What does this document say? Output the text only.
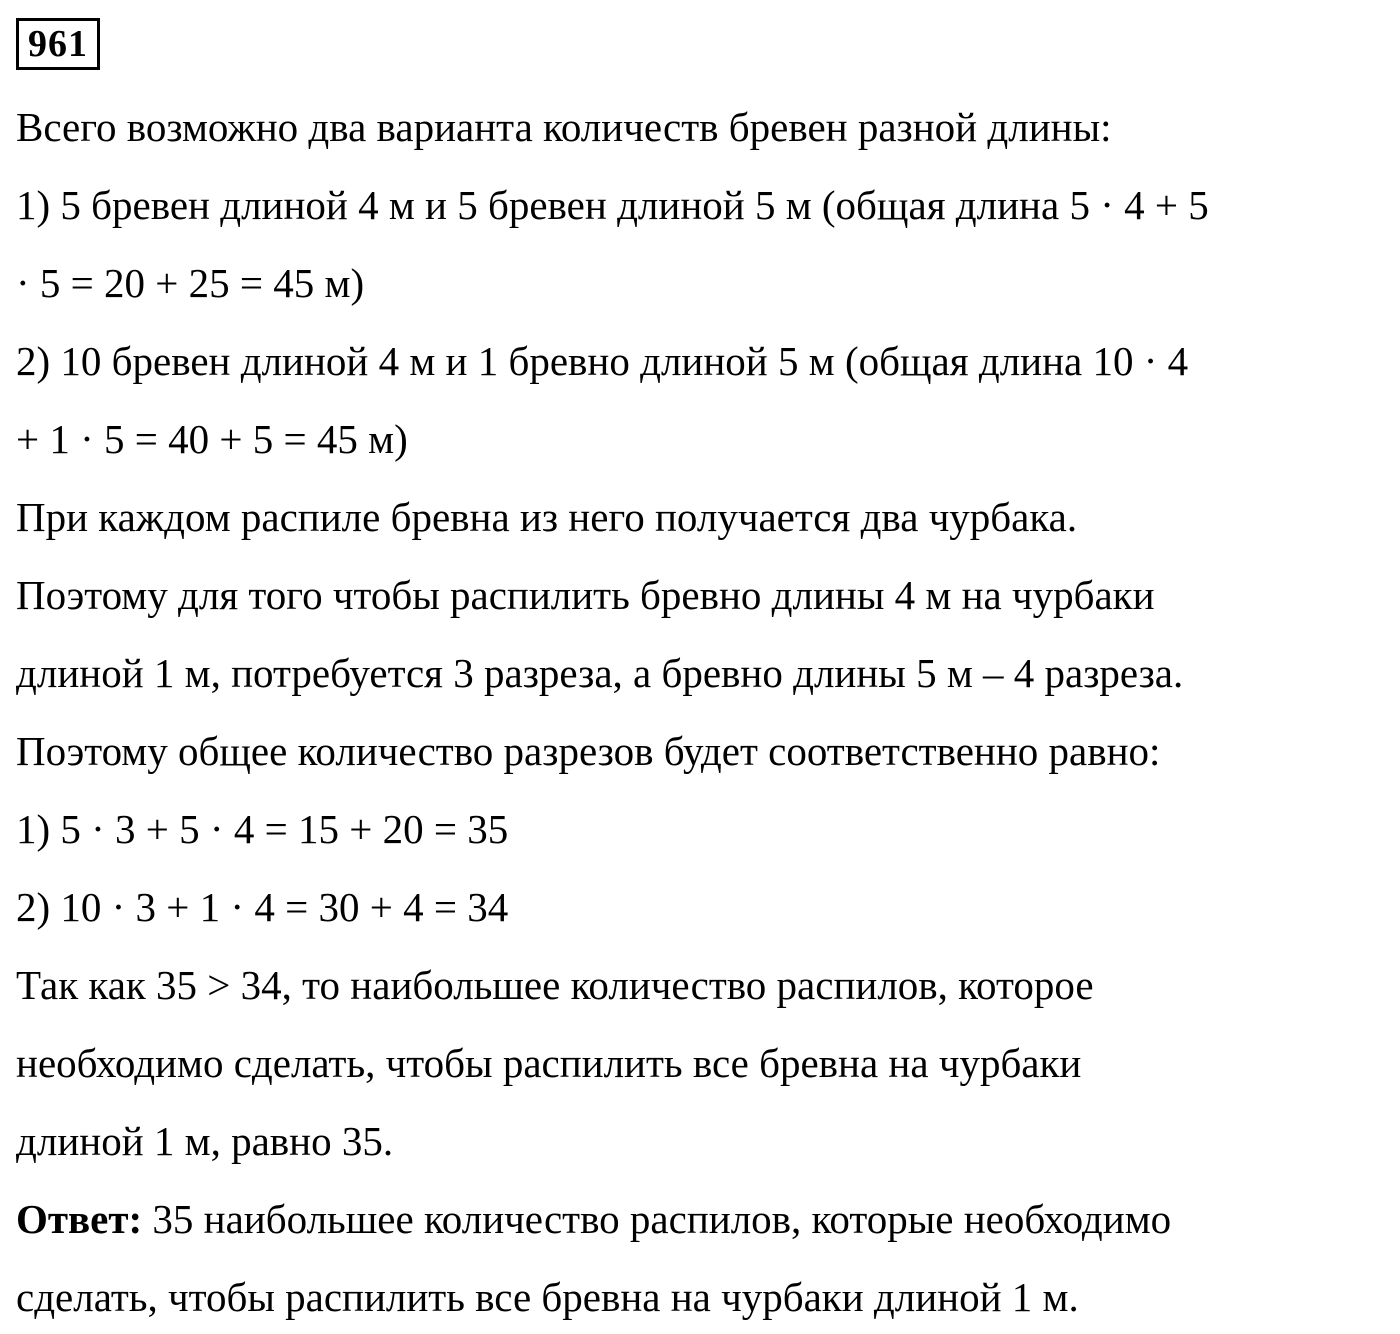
961
Всего возможно два варианта количеств бревен разной длины:
1) 5 бревен длиной 4 м и 5 бревен длиной 5 м (общая длина 5 · 4 + 5
· 5 = 20 + 25 = 45 м)
2) 10 бревен длиной 4 м и 1 бревно длиной 5 м (общая длина 10 · 4
+ 1 · 5 = 40 + 5 = 45 м)
При каждом распиле бревна из него получается два чурбака.
Поэтому для того чтобы распилить бревно длины 4 м на чурбаки
длиной 1 м, потребуется 3 разреза, а бревно длины 5 м – 4 разреза.
Поэтому общее количество разрезов будет соответственно равно:
1) 5 · 3 + 5 · 4 = 15 + 20 = 35
2) 10 · 3 + 1 · 4 = 30 + 4 = 34
Так как 35 > 34, то наибольшее количество распилов, которое
необходимо сделать, чтобы распилить все бревна на чурбаки
длиной 1 м, равно 35.
Ответ: 35 наибольшее количество распилов, которые необходимо
сделать, чтобы распилить все бревна на чурбаки длиной 1 м.
